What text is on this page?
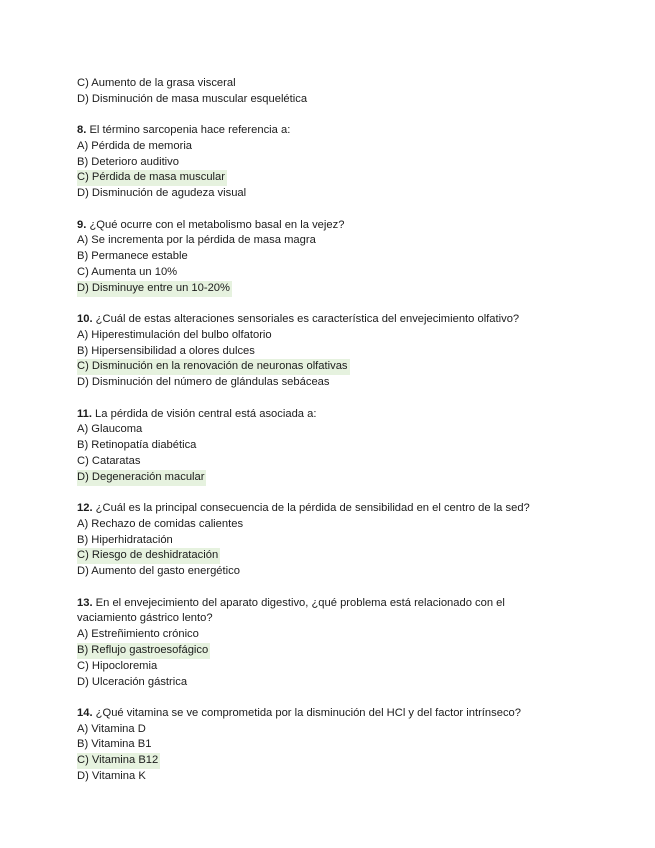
C) Aumento de la grasa visceral
D) Disminución de masa muscular esquelética
8. El término sarcopenia hace referencia a:
A) Pérdida de memoria
B) Deterioro auditivo
C) Pérdida de masa muscular
D) Disminución de agudeza visual
9. ¿Qué ocurre con el metabolismo basal en la vejez?
A) Se incrementa por la pérdida de masa magra
B) Permanece estable
C) Aumenta un 10%
D) Disminuye entre un 10-20%
10. ¿Cuál de estas alteraciones sensoriales es característica del envejecimiento olfativo?
A) Hiperestimulación del bulbo olfatorio
B) Hipersensibilidad a olores dulces
C) Disminución en la renovación de neuronas olfativas
D) Disminución del número de glándulas sebáceas
11. La pérdida de visión central está asociada a:
A) Glaucoma
B) Retinopatía diabética
C) Cataratas
D) Degeneración macular
12. ¿Cuál es la principal consecuencia de la pérdida de sensibilidad en el centro de la sed?
A) Rechazo de comidas calientes
B) Hiperhidratación
C) Riesgo de deshidratación
D) Aumento del gasto energético
13. En el envejecimiento del aparato digestivo, ¿qué problema está relacionado con el vaciamiento gástrico lento?
A) Estreñimiento crónico
B) Reflujo gastroesofágico
C) Hipocloremia
D) Ulceración gástrica
14. ¿Qué vitamina se ve comprometida por la disminución del HCl y del factor intrínseco?
A) Vitamina D
B) Vitamina B1
C) Vitamina B12
D) Vitamina K
